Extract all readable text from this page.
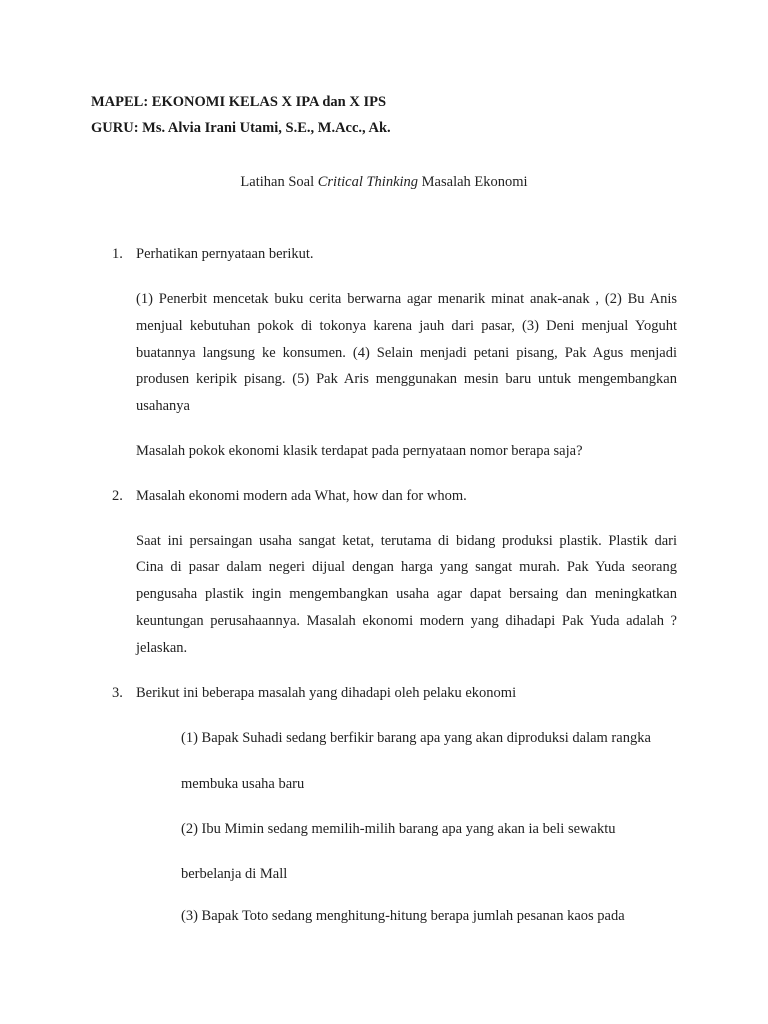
MAPEL: EKONOMI KELAS X IPA dan X IPS
GURU: Ms. Alvia Irani Utami, S.E., M.Acc., Ak.
Latihan Soal Critical Thinking Masalah Ekonomi
1. Perhatikan pernyataan berikut.
(1) Penerbit mencetak buku cerita berwarna agar menarik minat anak-anak , (2) Bu Anis
menjual kebutuhan pokok di tokonya karena jauh dari pasar, (3) Deni menjual Yoguht
buatannya langsung ke konsumen. (4) Selain menjadi petani pisang, Pak Agus menjadi
produsen keripik pisang. (5) Pak Aris menggunakan mesin baru untuk mengembangkan
usahanya
Masalah pokok ekonomi klasik terdapat pada pernyataan nomor berapa saja?
2. Masalah ekonomi modern ada What, how dan for whom.
Saat ini persaingan usaha sangat ketat, terutama di bidang produksi plastik. Plastik dari
Cina di pasar dalam negeri dijual dengan harga yang sangat murah. Pak Yuda seorang
pengusaha plastik ingin mengembangkan usaha agar dapat bersaing dan meningkatkan
keuntungan perusahaannya. Masalah ekonomi modern yang dihadapi Pak Yuda adalah ?
jelaskan.
3. Berikut ini beberapa masalah yang dihadapi oleh pelaku ekonomi
(1) Bapak Suhadi sedang berfikir barang apa yang akan diproduksi dalam rangka
membuka usaha baru
(2) Ibu Mimin sedang memilih-milih barang apa yang akan ia beli sewaktu
berbelanja di Mall
(3) Bapak Toto sedang menghitung-hitung berapa jumlah pesanan kaos pada
